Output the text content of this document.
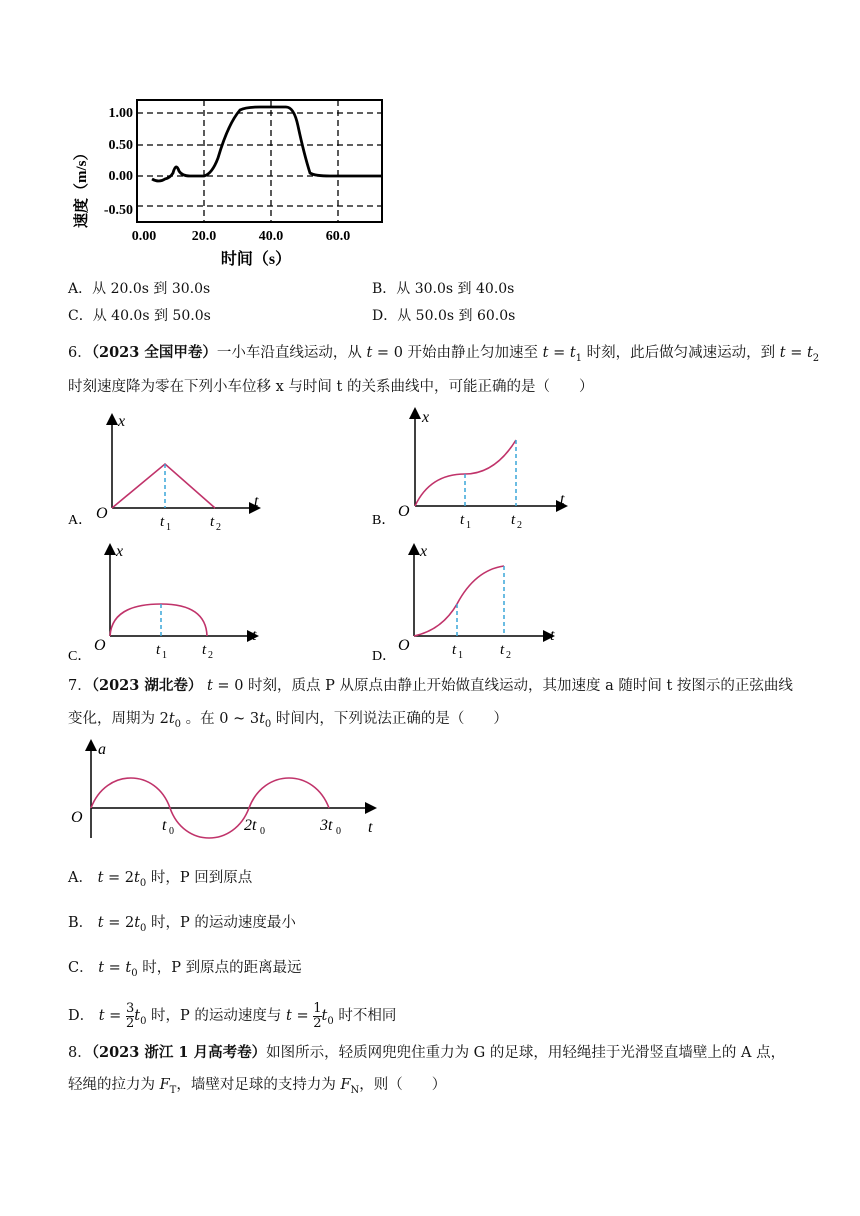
1.00
0.50
0.00
-0.50
0.00	20.0	40.0	60.0
时间（s）
速度（m/s）
A．从 20.0s 到 30.0s	B．从 30.0s 到 40.0s
C．从 40.0s 到 50.0s	D．从 50.0s 到 60.0s
6．（2023 全国甲卷）一小车沿直线运动，从 t = 0 开始由静止匀加速至 $t = t_1$ 时刻，此后做匀减速运动，到 $t = t_2$
时刻速度降为零在下列小车位移 x 与时间 t 的关系曲线中，可能正确的是（　　）
x
t
O	t 1	t 2
A．
x
t
O	t 1	t 2
B．
x
t
O	t 1 t 2
C．
x
t
O	t 1 t 2
D．
7．（2023 湖北卷） t = 0 时刻，质点 P 从原点由静止开始做直线运动，其加速度 a 随时间 t 按图示的正弦曲线
变化，周期为 $2t_0$ 。在 0 ~ $3t_0$ 时间内，下列说法正确的是（　　）
a
O
t
t 0	2t 0	3t 0
A． $t = 2t_0$ 时，P 回到原点
B． $t = 2t_0$ 时，P 的运动速度最小
C． $t = t_0$ 时，P 到原点的距离最远
D． $t = \frac{3}{2} t_0$ 时，P 的运动速度与 $t = \frac{1}{2} t_0$ 时不相同
8．（2023 浙江 1 月高考卷）如图所示，轻质网兜兜住重力为 G 的足球，用轻绳挂于光滑竖直墙壁上的 A 点，
轻绳的拉力为 $F_T$，墙壁对足球的支持力为 $F_N$，则（　　）
